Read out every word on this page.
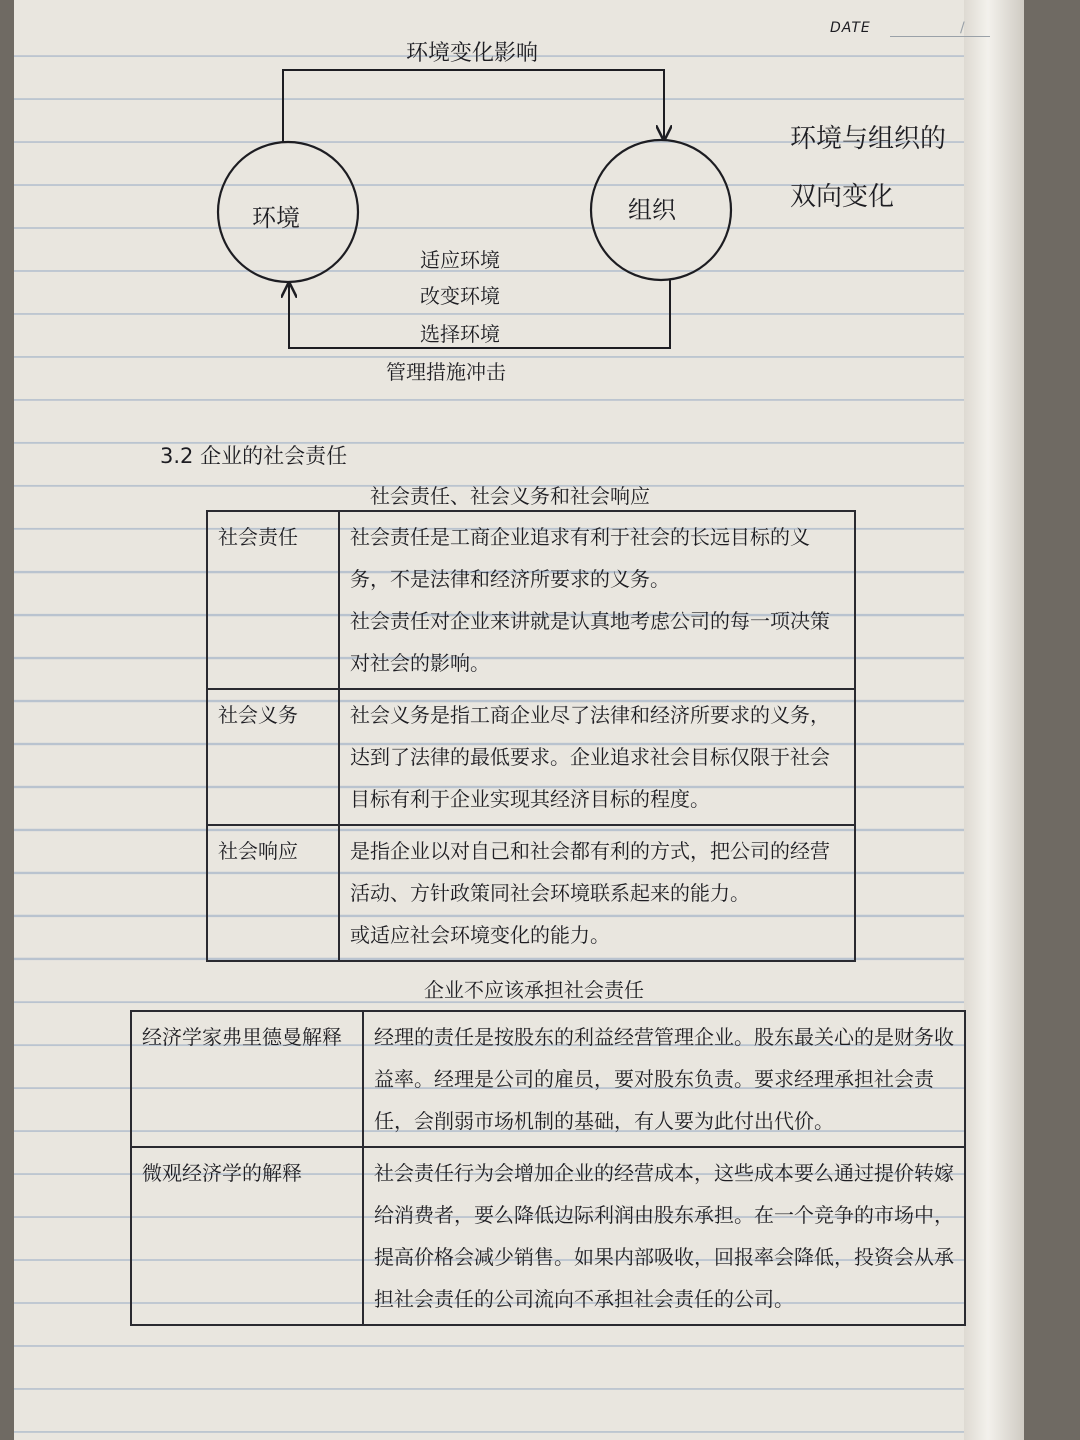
DATE	/
环境变化影响
环境	组织
适应环境
改变环境
选择环境
管理措施冲击
环境与组织的
双向变化
3.2 企业的社会责任
社会责任、社会义务和社会响应
社会责任	社会责任是工商企业追求有利于社会的长远目标的义务，不是法律和经济所要求的义务。
社会责任对企业来讲就是认真地考虑公司的每一项决策对社会的影响。

社会义务	社会义务是指工商企业尽了法律和经济所要求的义务，达到了法律的最低要求。企业追求社会目标仅限于社会目标有利于企业实现其经济目标的程度。

社会响应	是指企业以对自己和社会都有利的方式，把公司的经营活动、方针政策同社会环境联系起来的能力。
或适应社会环境变化的能力。
企业不应该承担社会责任
经济学家弗里德曼解释	经理的责任是按股东的利益经营管理企业。股东最关心的是财务收益率。经理是公司的雇员，要对股东负责。要求经理承担社会责任，会削弱市场机制的基础，有人要为此付出代价。

微观经济学的解释	社会责任行为会增加企业的经营成本，这些成本要么通过提价转嫁给消费者，要么降低边际利润由股东承担。在一个竞争的市场中，提高价格会减少销售。如果内部吸收，回报率会降低，投资会从承担社会责任的公司流向不承担社会责任的公司。
